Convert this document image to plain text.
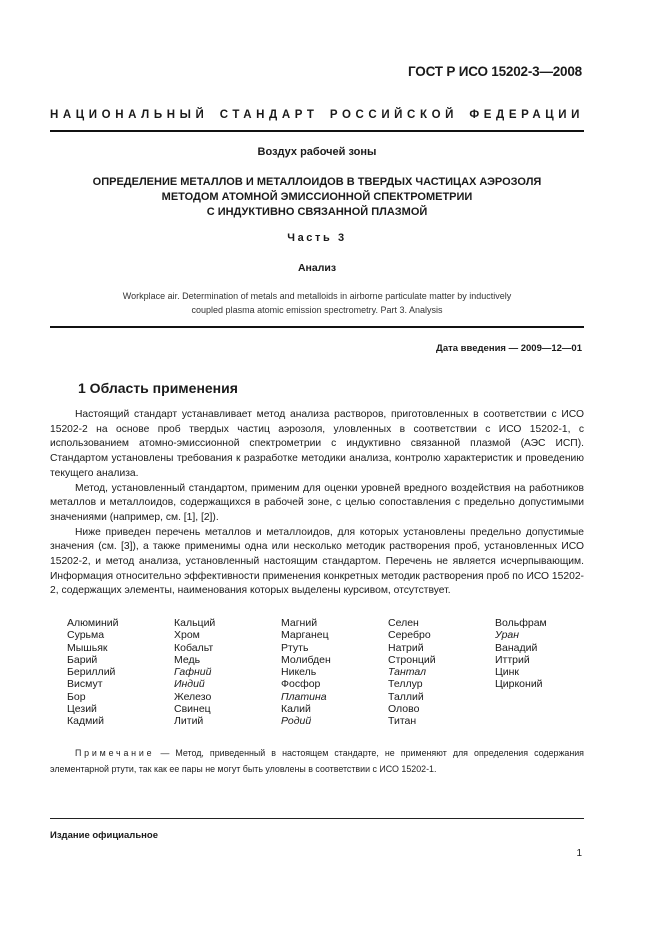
ГОСТ Р ИСО 15202-3—2008
НАЦИОНАЛЬНЫЙ СТАНДАРТ РОССИЙСКОЙ ФЕДЕРАЦИИ
Воздух рабочей зоны
ОПРЕДЕЛЕНИЕ МЕТАЛЛОВ И МЕТАЛЛОИДОВ В ТВЕРДЫХ ЧАСТИЦАХ АЭРОЗОЛЯ
МЕТОДОМ АТОМНОЙ ЭМИССИОННОЙ СПЕКТРОМЕТРИИ
С ИНДУКТИВНО СВЯЗАННОЙ ПЛАЗМОЙ
Часть 3
Анализ
Workplace air. Determination of metals and metalloids in airborne particulate matter by inductively
coupled plasma atomic emission spectrometry. Part 3. Analysis
Дата введения — 2009—12—01
1 Область применения

Настоящий стандарт устанавливает метод анализа растворов, приготовленных в соответствии с ИСО 15202-2 на основе проб твердых частиц аэрозоля, уловленных в соответствии с ИСО 15202-1, с использованием атомно-эмиссионной спектрометрии с индуктивно связанной плазмой (АЭС ИСП). Стандартом установлены требования к разработке методики анализа, контролю характеристик и проведению текущего анализа.

Метод, установленный стандартом, применим для оценки уровней вредного воздействия на работников металлов и металлоидов, содержащихся в рабочей зоне, с целью сопоставления с предельно допустимыми значениями (например, см. [1], [2]).

Ниже приведен перечень металлов и металлоидов, для которых установлены предельно допустимые значения (см. [3]), а также применимы одна или несколько методик растворения проб, установленных ИСО 15202-2, и метод анализа, установленный настоящим стандартом. Перечень не является исчерпывающим. Информация относительно эффективности применения конкретных методик растворения проб по ИСО 15202-2, содержащих элементы, наименования которых выделены курсивом, отсутствует.

Алюминий
Сурьма
Мышьяк
Барий
Бериллий
Висмут
Бор
Цезий
Кадмий
Кальций
Хром
Кобальт
Медь
Гафний
Индий
Железо
Свинец
Литий
Магний
Марганец
Ртуть
Молибден
Никель
Фосфор
Платина
Калий
Родий
Селен
Серебро
Натрий
Стронций
Тантал
Теллур
Таллий
Олово
Титан
Вольфрам
Уран
Ванадий
Иттрий
Цинк
Цирконий

Примечание — Метод, приведенный в настоящем стандарте, не применяют для определения содержания элементарной ртути, так как ее пары не могут быть уловлены в соответствии с ИСО 15202-1.

Издание официальное
1
